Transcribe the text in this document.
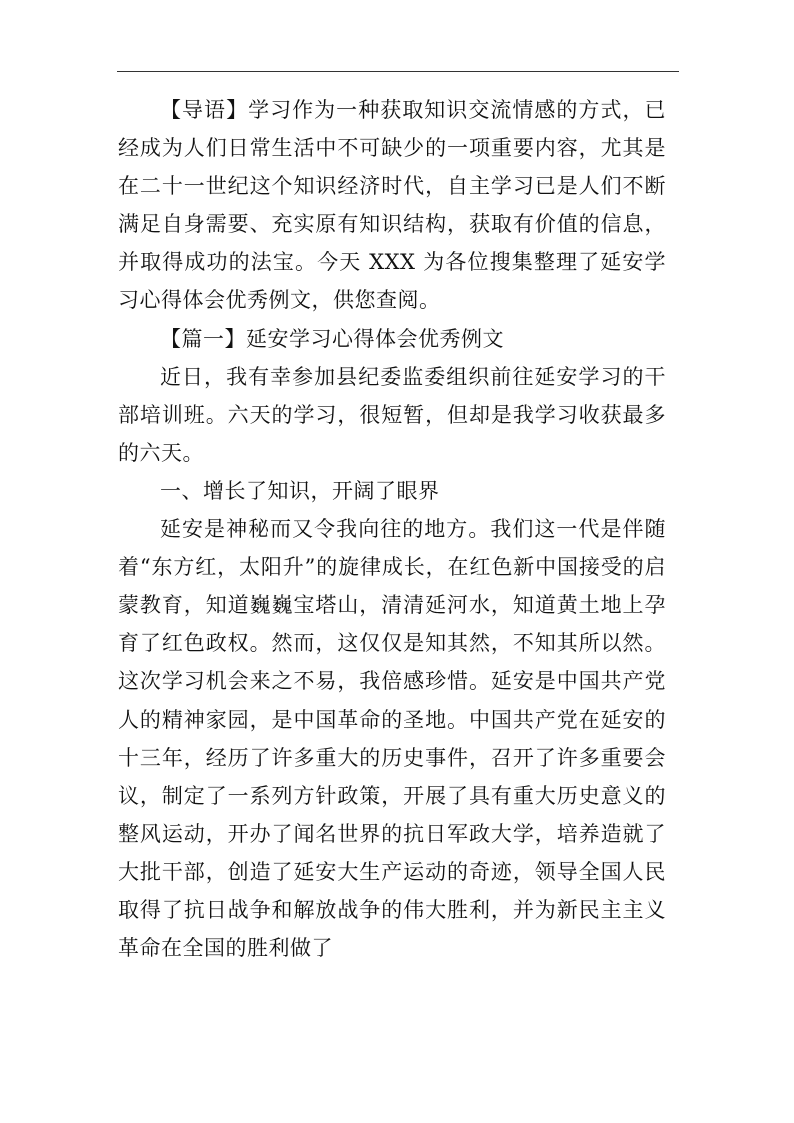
【导语】学习作为一种获取知识交流情感的方式，已经成为人们日常生活中不可缺少的一项重要内容，尤其是在二十一世纪这个知识经济时代，自主学习已是人们不断满足自身需要、充实原有知识结构，获取有价值的信息，并取得成功的法宝。今天 XXX 为各位搜集整理了延安学习心得体会优秀例文，供您查阅。

【篇一】延安学习心得体会优秀例文

近日，我有幸参加县纪委监委组织前往延安学习的干部培训班。六天的学习，很短暂，但却是我学习收获最多的六天。

一、增长了知识，开阔了眼界

延安是神秘而又令我向往的地方。我们这一代是伴随着“东方红，太阳升”的旋律成长，在红色新中国接受的启蒙教育，知道巍巍宝塔山，清清延河水，知道黄土地上孕育了红色政权。然而，这仅仅是知其然，不知其所以然。这次学习机会来之不易，我倍感珍惜。延安是中国共产党人的精神家园，是中国革命的圣地。中国共产党在延安的十三年，经历了许多重大的历史事件，召开了许多重要会议，制定了一系列方针政策，开展了具有重大历史意义的整风运动，开办了闻名世界的抗日军政大学，培养造就了大批干部，创造了延安大生产运动的奇迹，领导全国人民取得了抗日战争和解放战争的伟大胜利，并为新民主主义革命在全国的胜利做了
